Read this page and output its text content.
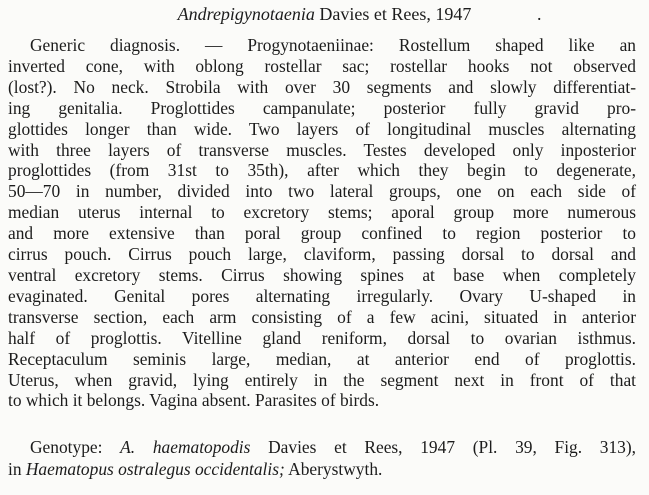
Andrepigynotaenia Davies et Rees, 1947	.
Generic diagnosis. — Progynotaeniinae: Rostellum shaped like an
inverted cone, with oblong rostellar sac; rostellar hooks not observed
(lost?). No neck. Strobila with over 30 segments and slowly differentiat-
ing genitalia. Proglottides campanulate; posterior fully gravid pro-
glottides longer than wide. Two layers of longitudinal muscles alternating
with three layers of transverse muscles. Testes developed only inposterior
proglottides (from 31st to 35th), after which they begin to degenerate,
50—70 in number, divided into two lateral groups, one on each side of
median uterus internal to excretory stems; aporal group more numerous
and more extensive than poral group confined to region posterior to
cirrus pouch. Cirrus pouch large, claviform, passing dorsal to dorsal and
ventral excretory stems. Cirrus showing spines at base when completely
evaginated. Genital pores alternating irregularly. Ovary U-shaped in
transverse section, each arm consisting of a few acini, situated in anterior
half of proglottis. Vitelline gland reniform, dorsal to ovarian isthmus.
Receptaculum seminis large, median, at anterior end of proglottis.
Uterus, when gravid, lying entirely in the segment next in front of that
to which it belongs. Vagina absent. Parasites of birds.
Genotype: A. haematopodis Davies et Rees, 1947 (Pl. 39, Fig. 313),
in Haematopus ostralegus occidentalis; Aberystwyth.
